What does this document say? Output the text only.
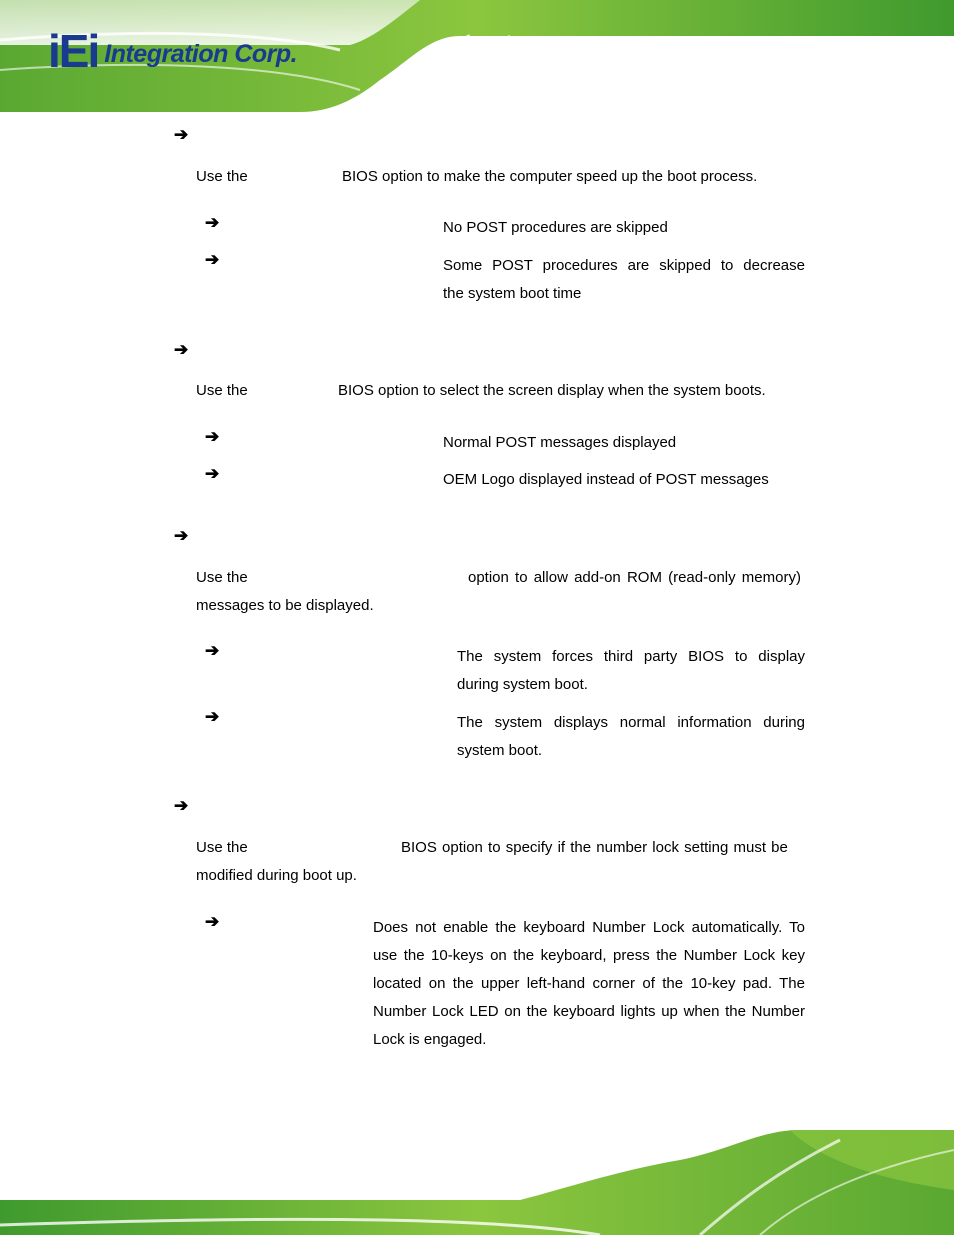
iEi Integration Corp.
➔
Use the	BIOS option to make the computer speed up the boot process.
➔	No POST procedures are skipped
➔	Some POST procedures are skipped to decrease
the system boot time
➔
Use the	BIOS option to select the screen display when the system boots.
➔	Normal POST messages displayed
➔	OEM Logo displayed instead of POST messages
➔
Use the	option to allow add-on ROM (read-only memory)
messages to be displayed.
➔	The system forces third party BIOS to display
during system boot.
➔	The system displays normal information during
system boot.
➔
Use the	BIOS option to specify if the number lock setting must be
modified during boot up.
➔	Does not enable the keyboard Number Lock automatically. To
use the 10-keys on the keyboard, press the Number Lock key
located on the upper left-hand corner of the 10-key pad. The
Number Lock LED on the keyboard lights up when the Number
Lock is engaged.
